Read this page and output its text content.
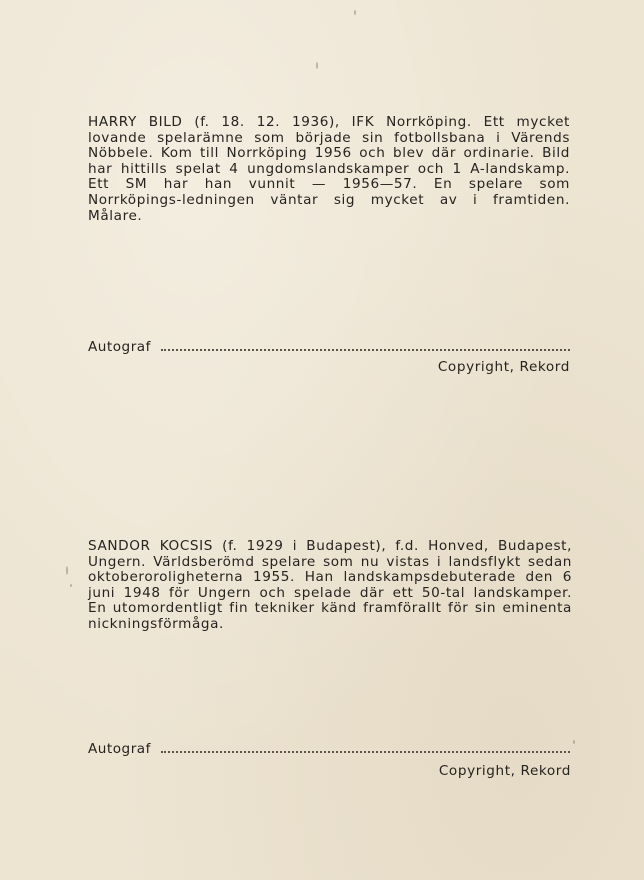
HARRY BILD (f. 18. 12. 1936), IFK Norrköping. Ett mycket lovande spelarämne som började sin fotbollsbana i Värends Nöbbele. Kom till Norrköping 1956 och blev där ordinarie. Bild har hittills spelat 4 ungdomslandskamper och 1 A-landskamp. Ett SM har han vunnit — 1956—57. En spelare som Norrköpings-ledningen väntar sig mycket av i framtiden. Målare.
Autograf
Copyright, Rekord
SANDOR KOCSIS (f. 1929 i Budapest), f.d. Honved, Budapest, Ungern. Världsberömd spelare som nu vistas i landsflykt sedan oktoberoroligheterna 1955. Han landskampsdebuterade den 6 juni 1948 för Ungern och spelade där ett 50-tal landskamper. En utomordentligt fin tekniker känd framförallt för sin eminenta nickningsförmåga.
Autograf
Copyright, Rekord
